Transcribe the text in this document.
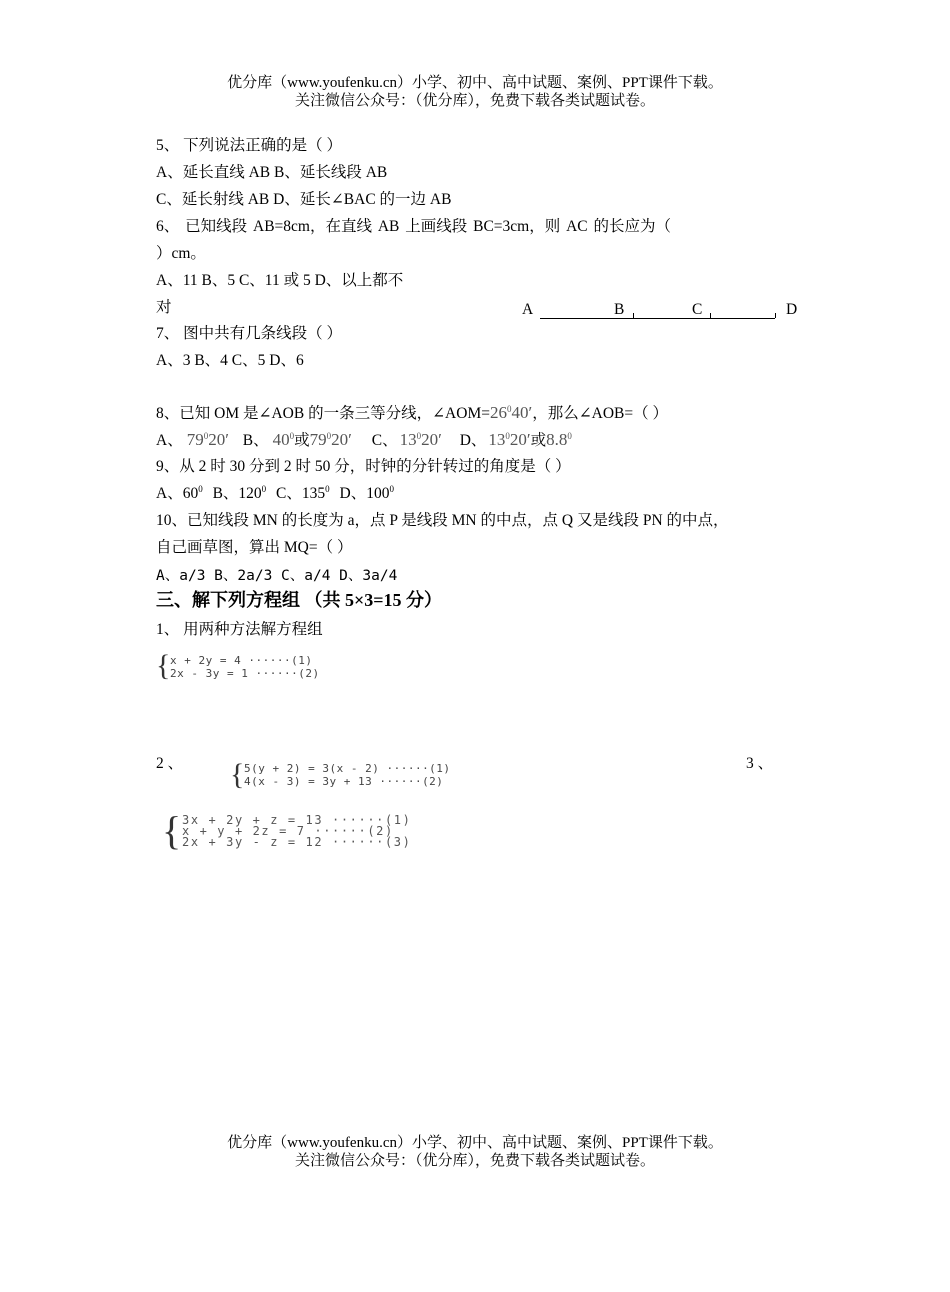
优分库（www.youfenku.cn）小学、初中、高中试题、案例、PPT课件下载。
关注微信公众号：（优分库），免费下载各类试题试卷。
5、 下列说法正确的是（ ）
A、延长直线 AB B、延长线段 AB
C、延长射线 AB D、延长∠BAC 的一边 AB
6、 已知线段 AB=8cm，在直线 AB 上画线段 BC=3cm，则 AC 的长应为（
）cm。
A、11 B、5 C、11 或 5 D、以上都不
对	A	B	C	D
7、 图中共有几条线段（ ）
A、3 B、4 C、5 D、6
8、已知 OM 是∠AOB 的一条三等分线，$\angle AOM=26^040'$，那么∠AOB=（ ）
A、 $79^020'$ B、 $40^0$或$79^020'$ C、 $13^020'$ D、 $13^020'$或$8.8^0$
9、从 2 时 30 分到 2 时 50 分，时钟的分针转过的角度是（ ）
A、$60^0$ B、$120^0$ C、$135^0$ D、$100^0$
10、已知线段 MN 的长度为 a，点 P 是线段 MN 的中点，点 Q 又是线段 PN 的中点，
自己画草图，算出 MQ=（ ）
A、a/3 B、2a/3 C、a/4 D、3a/4
三、解下列方程组 （共 5×3=15 分）
1、 用两种方法解方程组
{ x + 2y = 4 ······(1)
2x - 3y = 1 ······(2)
2 、 { 5(y + 2) = 3(x - 2) ······(1)
4(x - 3) = 3y + 13 ······(2)
3 、
{ 3x + 2y + z = 13 ······(1)
x + y + 2z = 7 ······(2)
2x + 3y - z = 12 ······(3)
优分库（www.youfenku.cn）小学、初中、高中试题、案例、PPT课件下载。
关注微信公众号：（优分库），免费下载各类试题试卷。
